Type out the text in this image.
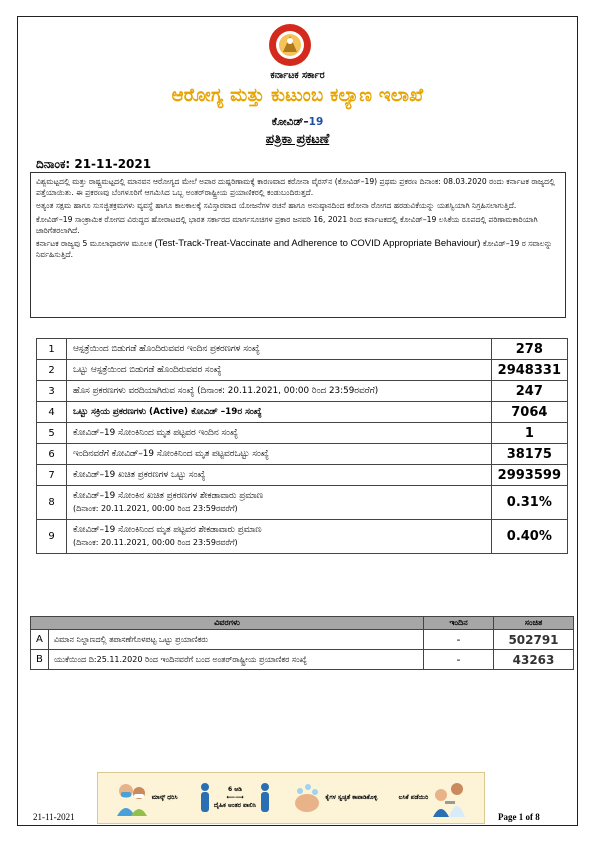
ಕರ್ನಾಟಕ ಸರ್ಕಾರ
ಆರೋಗ್ಯ ಮತ್ತು ಕುಟುಂಬ ಕಲ್ಯಾಣ ಇಲಾಖೆ
ಕೋವಿಡ್–19
ಪತ್ರಿಕಾ ಪ್ರಕಟಣೆ
ದಿನಾಂಕ: 21-11-2021

ವಿಶ್ವಮಟ್ಟದಲ್ಲಿ ಮತ್ತು ರಾಷ್ಟ್ರಮಟ್ಟದಲ್ಲಿ ಮಾನವನ ಆರೋಗ್ಯದ ಮೇಲೆ ಅಪಾರ ದುಷ್ಪರಿಣಾಮಕ್ಕೆ ಕಾರಣವಾದ ಕರೋನಾ ವೈರಸ್‌ನ (ಕೋವಿಡ್–19) ಪ್ರಥಮ ಪ್ರಕರಣ ದಿನಾಂಕ: 08.03.2020 ರಂದು ಕರ್ನಾಟಕ ರಾಜ್ಯದಲ್ಲಿ ಪತ್ತೆಯಾಯಿತು. ಈ ಪ್ರಕರಣವು ಬೆಂಗಳೂರಿಗೆ ಆಗಮಿಸಿದ ಒಬ್ಬ ಅಂತರ್‌ರಾಷ್ಟ್ರೀಯ ಪ್ರಯಾಣಿಕರಲ್ಲಿ ಕಂಡುಬಂದಿರುತ್ತದೆ.

ಅತ್ಯಂತ ಸಕ್ಷಮ ಹಾಗೂ ಸುಸಜ್ಜಿತಕ್ರಮಗಳು ವ್ಯವಸ್ಥೆ ಹಾಗೂ ಕಾಲಕಾಲಕ್ಕೆ ಸವಿಸ್ತಾರವಾದ ಯೋಜನೆಗಳ ರಚನೆ ಹಾಗೂ ಅನುಷ್ಠಾನದಿಂದ ಕರೋನಾ ರೋಗದ ಹರಡುವಿಕೆಯನ್ನು ಯಶಸ್ವಿಯಾಗಿ ನಿಗ್ರಹಿಸಲಾಗುತ್ತಿದೆ.

ಕೋವಿಡ್–19 ಸಾಂಕ್ರಾಮಿಕ ರೋಗದ ವಿರುದ್ಧದ ಹೋರಾಟದಲ್ಲಿ ಭಾರತ ಸರ್ಕಾರದ ಮಾರ್ಗಸೂಚಿಗಳ ಪ್ರಕಾರ ಜನವರಿ 16, 2021 ರಿಂದ ಕರ್ನಾಟಕದಲ್ಲಿ ಕೋವಿಡ್–19 ಲಸಿಕೆಯ ರೂಪದಲ್ಲಿ ಪರಿಣಾಮಕಾರಿಯಾಗಿ ಜಾರಿಗೆತರಲಾಗಿದೆ.

ಕರ್ನಾಟಕ ರಾಜ್ಯವು 5 ಮೂಲಾಧಾರಗಳ ಮೂಲಕ (Test-Track-Treat-Vaccinate and Adherence to COVID Appropriate Behaviour) ಕೋವಿಡ್–19 ರ ಸವಾಲನ್ನು ನಿರ್ವಹಿಸುತ್ತಿದೆ.

1	ಆಸ್ಪತ್ರೆಯಿಂದ ಬಿಡುಗಡೆ ಹೊಂದಿರುವವರ ಇಂದಿನ ಪ್ರಕರಣಗಳ ಸಂಖ್ಯೆ	278
2	ಒಟ್ಟು ಆಸ್ಪತ್ರೆಯಿಂದ ಬಿಡುಗಡೆ ಹೊಂದಿರುವವರ ಸಂಖ್ಯೆ	2948331
3	ಹೊಸ ಪ್ರಕರಣಗಳು ವರದಿಯಾಗಿರುವ ಸಂಖ್ಯೆ (ದಿನಾಂಕ: 20.11.2021, 00:00 ರಿಂದ 23:59ರವರೆಗೆ)	247
4	ಒಟ್ಟು ಸಕ್ರಿಯ ಪ್ರಕರಣಗಳು (Active) ಕೋವಿಡ್ –19ರ ಸಂಖ್ಯೆ	7064
5	ಕೋವಿಡ್–19 ಸೋಂಕಿನಿಂದ ಮೃತ ಪಟ್ಟವರ ಇಂದಿನ ಸಂಖ್ಯೆ	1
6	ಇಂದಿನವರೆಗೆ ಕೋವಿಡ್–19 ಸೋಂಕಿನಿಂದ ಮೃತ ಪಟ್ಟವರಒಟ್ಟು ಸಂಖ್ಯೆ	38175
7	ಕೋವಿಡ್–19 ಖಚಿತ ಪ್ರಕರಣಗಳ ಒಟ್ಟು ಸಂಖ್ಯೆ	2993599
8	ಕೋವಿಡ್–19 ಸೋಂಕಿನ ಖಚಿತ ಪ್ರಕರಣಗಳ ಶೇಕಡಾವಾರು ಪ್ರಮಾಣ
(ದಿನಾಂಕ: 20.11.2021, 00:00 ರಿಂದ 23:59ರವರೆಗೆ)	0.31%
9	ಕೋವಿಡ್–19 ಸೋಂಕಿನಿಂದ ಮೃತ ಪಟ್ಟವರ ಶೇಕಡಾವಾರು ಪ್ರಮಾಣ
(ದಿನಾಂಕ: 20.11.2021, 00:00 ರಿಂದ 23:59ರವರೆಗೆ)	0.40%
ವಿವರಗಳು		ಇಂದಿನ	ಸಂಚಿತ
A	ವಿಮಾನ ನಿಲ್ದಾಣದಲ್ಲಿ ತಪಾಸಣೆಗೊಳಪಟ್ಟ ಒಟ್ಟು ಪ್ರಯಾಣಿಕರು	-	502791
B	ಯುಕೆಯಿಂದ ದಿ:25.11.2020 ರಿಂದ ಇಂದಿನವರೆಗೆ ಬಂದ ಅಂತರ್‌ರಾಷ್ಟ್ರೀಯ ಪ್ರಯಾಣಿಕರ ಸಂಖ್ಯೆ	-	43263
ಮಾಸ್ಕ್ ಧರಿಸಿ
6 ಅಡಿ
⟵⟶
ದೈಹಿಕ ಅಂತರ ಪಾಲಿಸಿ
ಕೈಗಳ ಸ್ವಚ್ಛತೆ ಕಾಪಾಡಿಕೊಳ್ಳಿ	ಲಸಿಕೆ ಪಡೆಯಿರಿ
21-11-2021	Page 1 of 8
